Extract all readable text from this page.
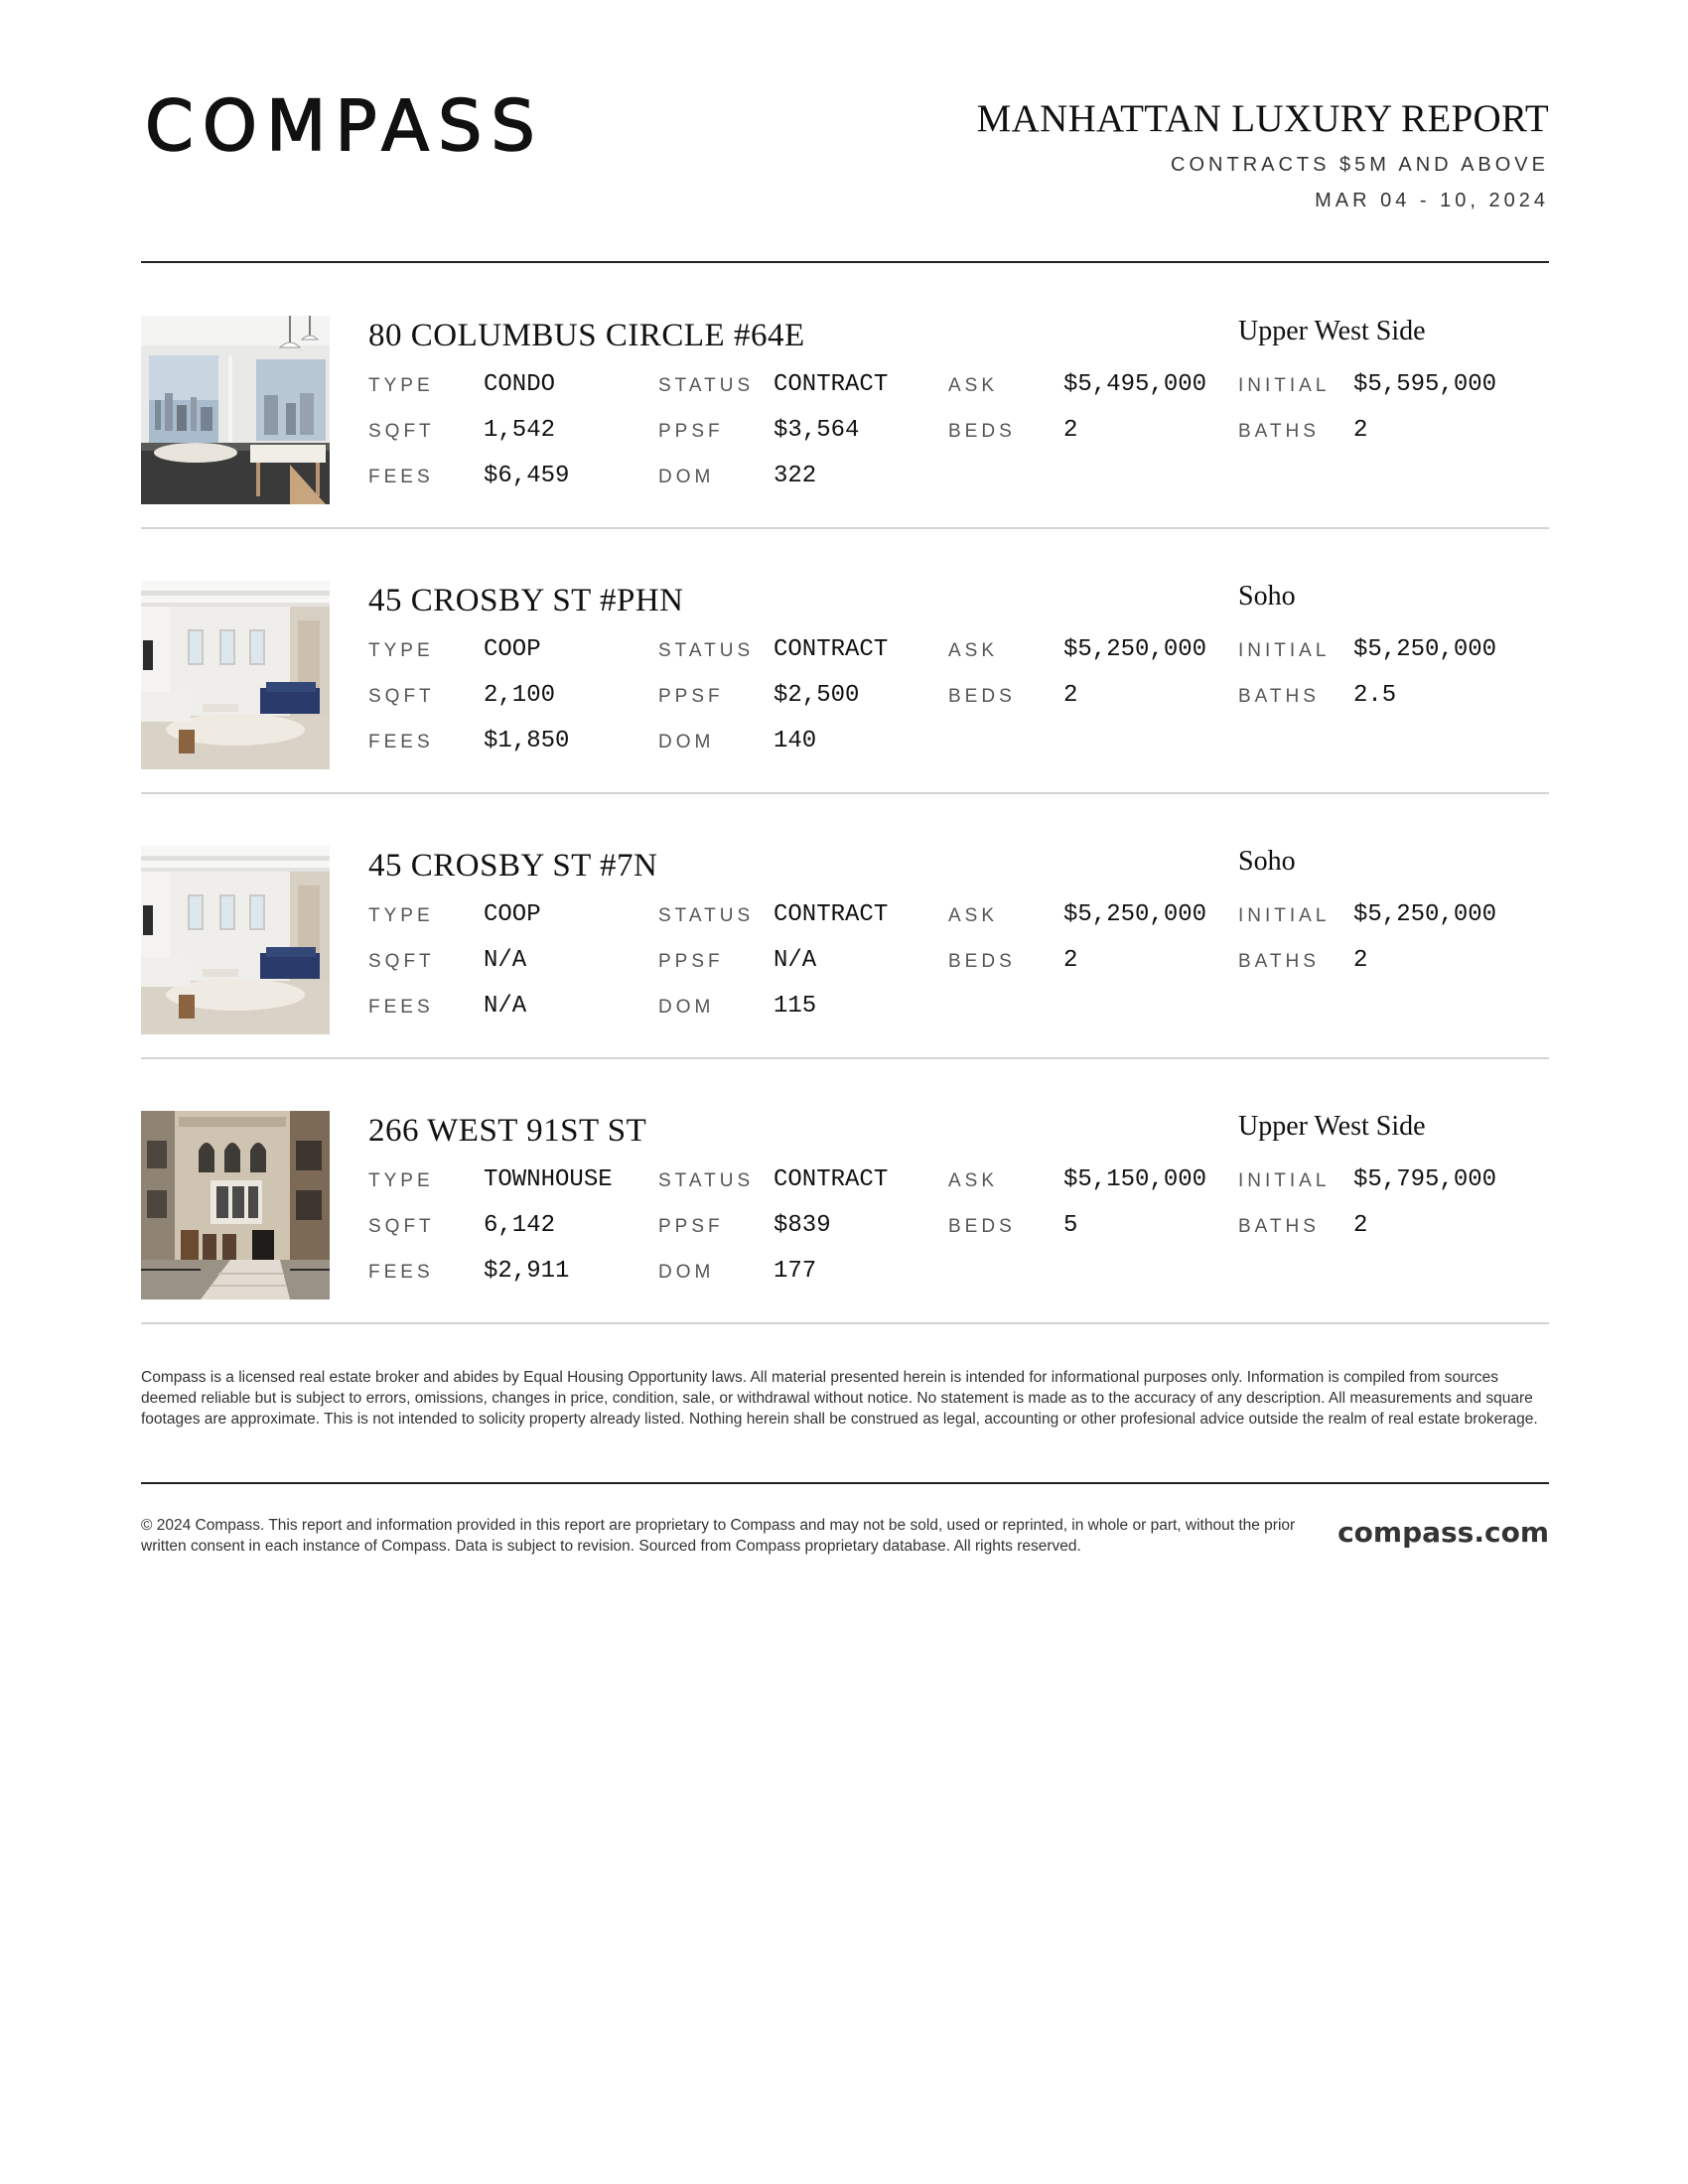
COMPASS	MANHATTAN LUXURY REPORT
CONTRACTS $5M AND ABOVE
MAR 04 - 10, 2024
80 COLUMBUS CIRCLE #64E	Upper West Side
TYPE CONDO	STATUS CONTRACT	ASK	$5,495,000 INITIAL $5,595,000
SQFT 1,542	PPSF $3,564	BEDS 2	BATHS 2
FEES $6,459	DOM 322
45 CROSBY ST #PHN	Soho
TYPE COOP	STATUS CONTRACT	ASK	$5,250,000 INITIAL $5,250,000
SQFT 2,100	PPSF $2,500	BEDS 2	BATHS 2.5
FEES $1,850	DOM 140
45 CROSBY ST #7N	Soho
TYPE COOP	STATUS CONTRACT	ASK	$5,250,000 INITIAL $5,250,000
SQFT N/A	PPSF N/A	BEDS 2	BATHS 2
FEES N/A	DOM 115
266 WEST 91ST ST	Upper West Side
TYPE TOWNHOUSE STATUS CONTRACT	ASK	$5,150,000 INITIAL $5,795,000
SQFT 6,142	PPSF $839	BEDS 5	BATHS 2
FEES $2,911	DOM 177
Compass is a licensed real estate broker and abides by Equal Housing Opportunity laws. All material presented herein is intended for informational purposes only. Information is compiled from sources deemed reliable but is subject to errors, omissions, changes in price, condition, sale, or withdrawal without notice. No statement is made as to the accuracy of any description. All measurements and square footages are approximate. This is not intended to solicity property already listed. Nothing herein shall be construed as legal, accounting or other profesional advice outside the realm of real estate brokerage.
© 2024 Compass. This report and information provided in this report are proprietary to Compass and may not be sold, used or reprinted, in whole or part, without the prior written consent in each instance of Compass. Data is subject to revision. Sourced from Compass proprietary database. All rights reserved.	compass.com
